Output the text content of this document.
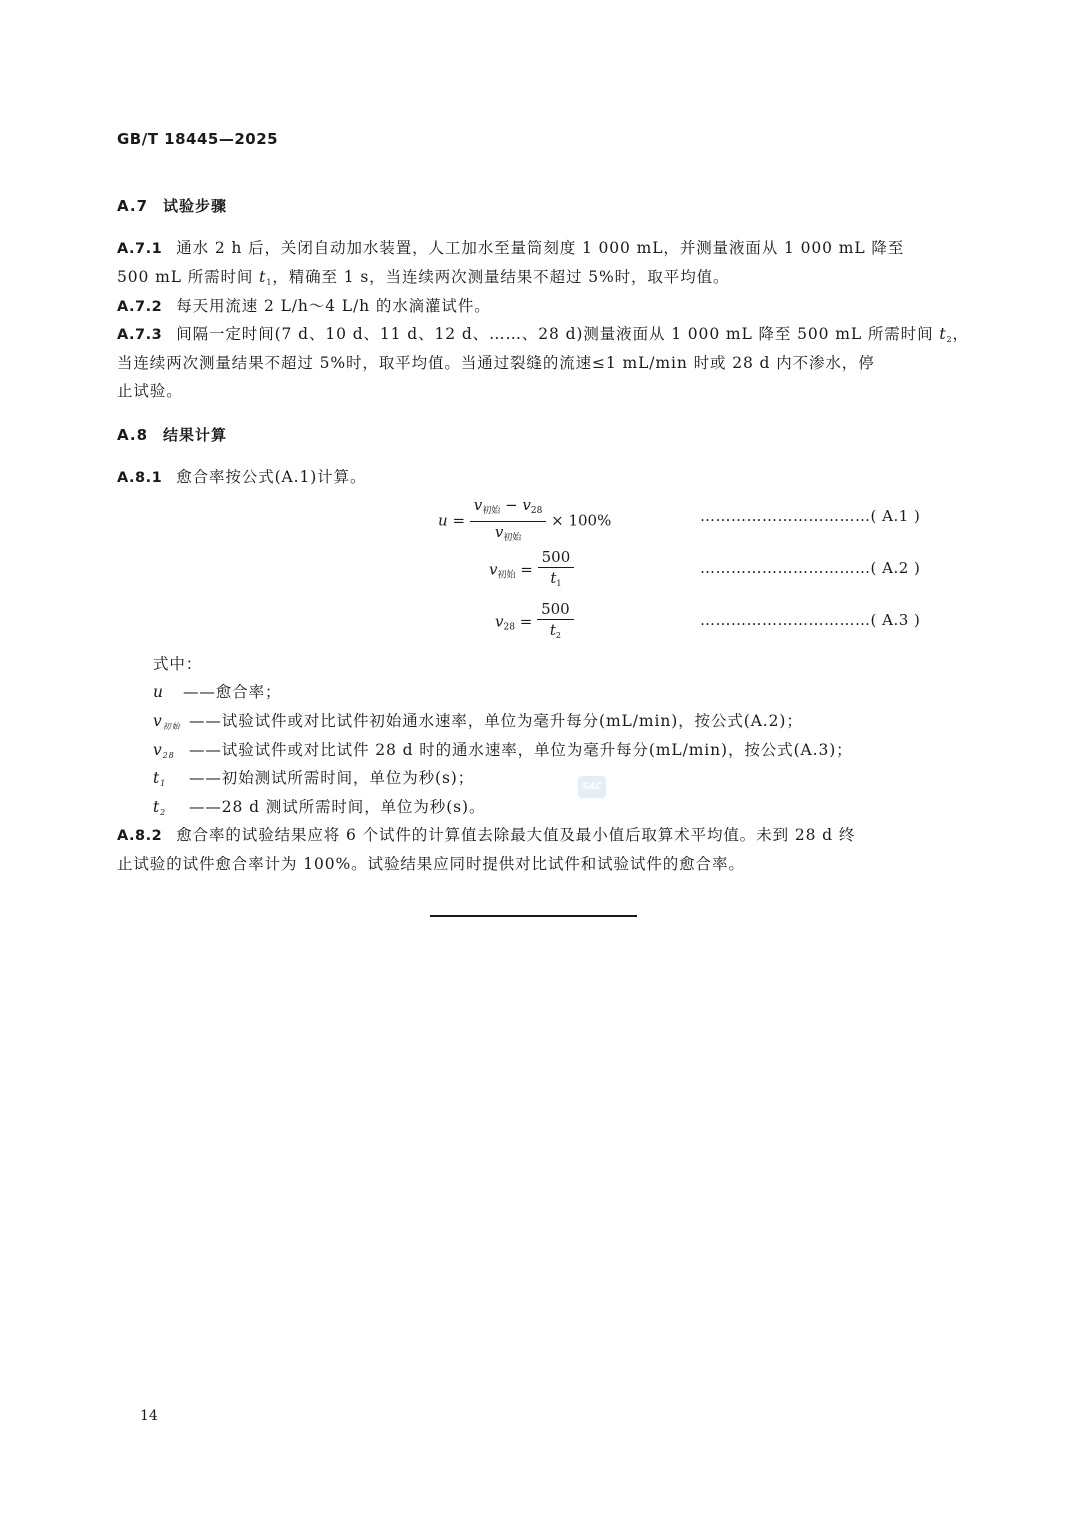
GB/T 18445—2025
A.7 试验步骤
A.7.1 通水 2 h 后，关闭自动加水装置，人工加水至量筒刻度 1 000 mL，并测量液面从 1 000 mL 降至
500 mL 所需时间 t1，精确至 1 s，当连续两次测量结果不超过 5%时，取平均值。
A.7.2 每天用流速 2 L/h～4 L/h 的水滴灌试件。
A.7.3 间隔一定时间(7 d、10 d、11 d、12 d、……、28 d)测量液面从 1 000 mL 降至 500 mL 所需时间 t2，
当连续两次测量结果不超过 5%时，取平均值。当通过裂缝的流速≤1 mL/min 时或 28 d 内不渗水，停
止试验。
A.8 结果计算
A.8.1 愈合率按公式(A.1)计算。
$u = \frac{v_{初始} - v_{28}}{v_{初始}} \times 100\%$	……………………………( A.1 )
$v_{初始} = \frac{500}{t_1}$	……………………………( A.2 )
$v_{28} = \frac{500}{t_2}$	……………………………( A.3 )
式中：
u ——愈合率；
v初始 ——试验试件或对比试件初始通水速率，单位为毫升每分(mL/min)，按公式(A.2)；
v28 ——试验试件或对比试件 28 d 时的通水速率，单位为毫升每分(mL/min)，按公式(A.3)；
t1 ——初始测试所需时间，单位为秒(s)；
t2 ——28 d 测试所需时间，单位为秒(s)。
SAC
A.8.2 愈合率的试验结果应将 6 个试件的计算值去除最大值及最小值后取算术平均值。未到 28 d 终
止试验的试件愈合率计为 100%。试验结果应同时提供对比试件和试验试件的愈合率。
14
